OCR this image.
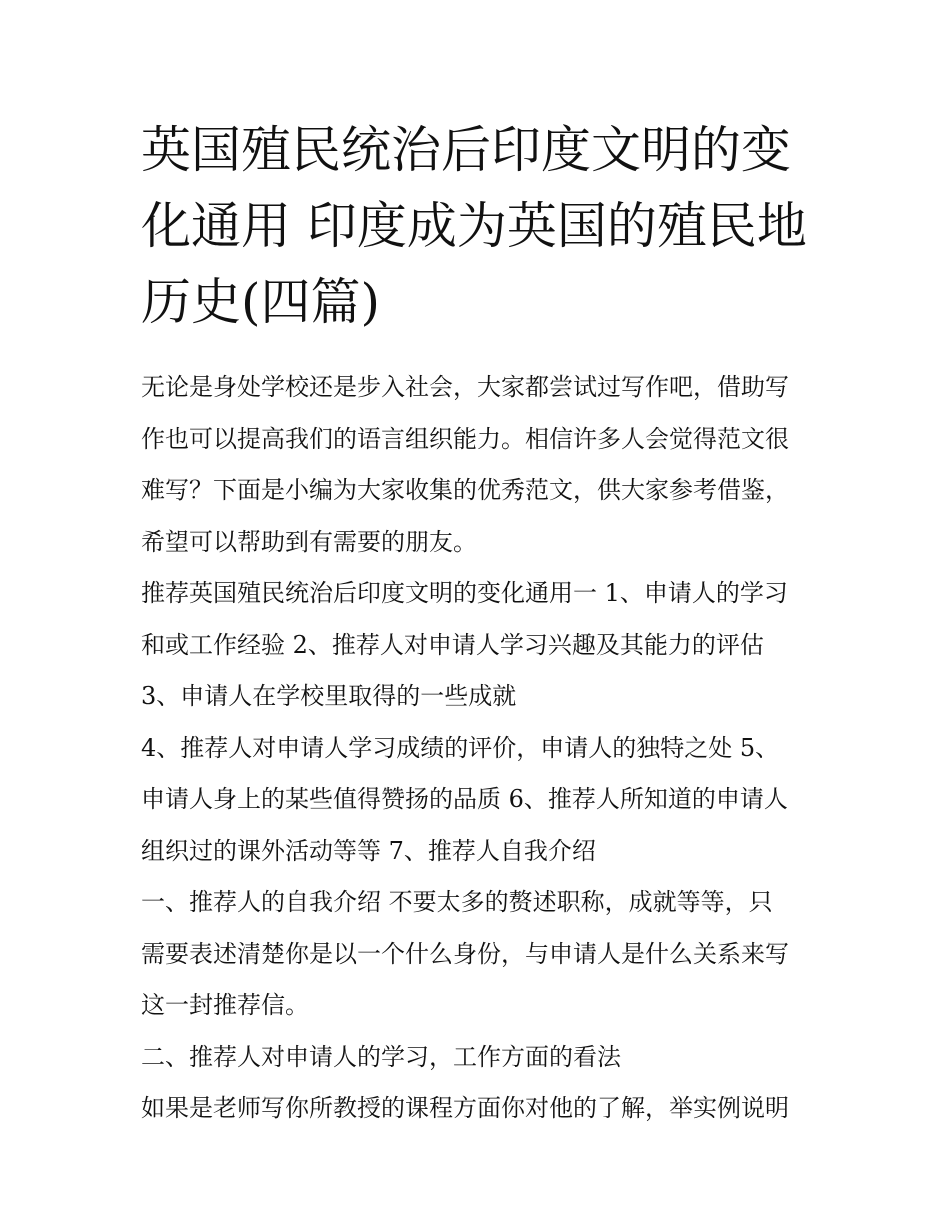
英国殖民统治后印度文明的变
化通用 印度成为英国的殖民地
历史(四篇)

无论是身处学校还是步入社会，大家都尝试过写作吧，借助写
作也可以提高我们的语言组织能力。相信许多人会觉得范文很
难写？下面是小编为大家收集的优秀范文，供大家参考借鉴，
希望可以帮助到有需要的朋友。

推荐英国殖民统治后印度文明的变化通用一 1、申请人的学习
和或工作经验 2、推荐人对申请人学习兴趣及其能力的评估

3、申请人在学校里取得的一些成就

4、推荐人对申请人学习成绩的评价，申请人的独特之处 5、
申请人身上的某些值得赞扬的品质 6、推荐人所知道的申请人
组织过的课外活动等等 7、推荐人自我介绍

一、推荐人的自我介绍 不要太多的赘述职称，成就等等，只
需要表述清楚你是以一个什么身份，与申请人是什么关系来写
这一封推荐信。

二、推荐人对申请人的学习，工作方面的看法

如果是老师写你所教授的课程方面你对他的了解，举实例说明
